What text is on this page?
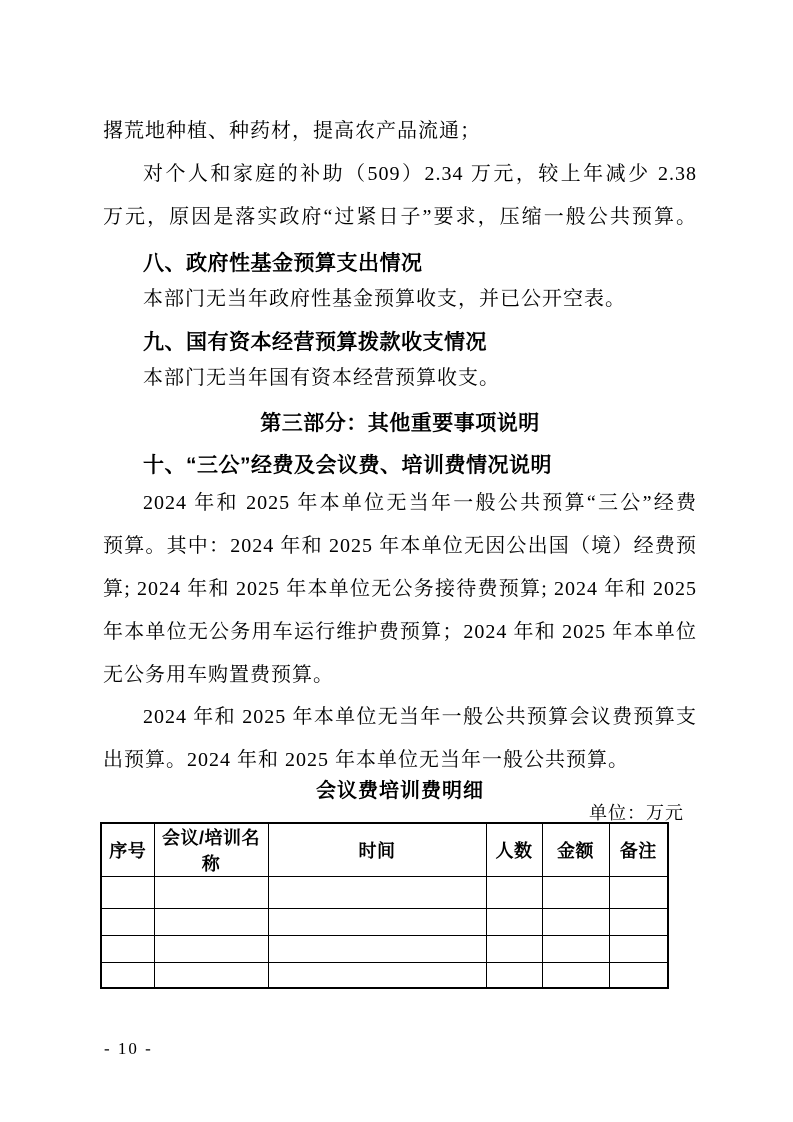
撂荒地种植、种药材，提高农产品流通；
对个人和家庭的补助（509）2.34 万元，较上年减少 2.38
万元，原因是落实政府“过紧日子”要求，压缩一般公共预算。
八、政府性基金预算支出情况
本部门无当年政府性基金预算收支，并已公开空表。
九、国有资本经营预算拨款收支情况
本部门无当年国有资本经营预算收支。
第三部分：其他重要事项说明
十、“三公”经费及会议费、培训费情况说明
2024 年和 2025 年本单位无当年一般公共预算“三公”经费
预算。其中：2024 年和 2025 年本单位无因公出国（境）经费预
算; 2024 年和 2025 年本单位无公务接待费预算; 2024 年和 2025
年本单位无公务用车运行维护费预算；2024 年和 2025 年本单位
无公务用车购置费预算。
2024 年和 2025 年本单位无当年一般公共预算会议费预算支
出预算。2024 年和 2025 年本单位无当年一般公共预算。
会议费培训费明细
单位：万元
序号	会议/培训名称	时间	人数	金额	备注

- 10 -
